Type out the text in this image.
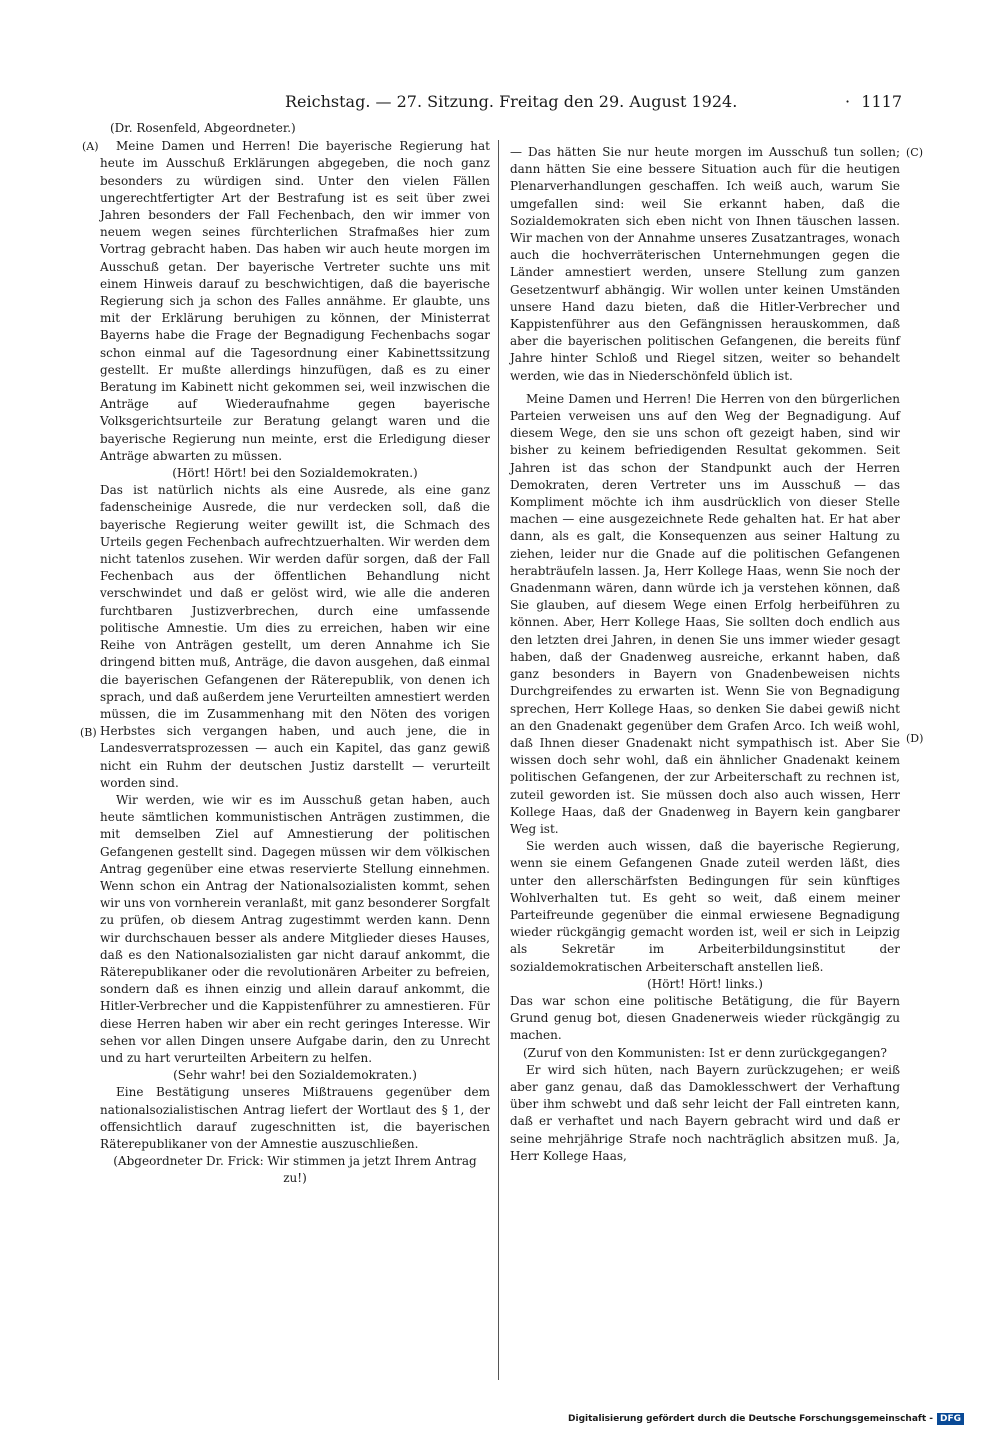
Reichstag. — 27. Sitzung. Freitag den 29. August 1924.	· 1117
(A)
(B)
(C)
(D)

(Dr. Rosenfeld, Abgeordneter.)

Meine Damen und Herren! Die bayerische Regierung hat heute im Ausschuß Erklärungen abgegeben, die noch ganz besonders zu würdigen sind. Unter den vielen Fällen ungerechtfertigter Art der Bestrafung ist es seit über zwei Jahren besonders der Fall Fechenbach, den wir immer von neuem wegen seines fürchterlichen Strafmaßes hier zum Vortrag gebracht haben. Das haben wir auch heute morgen im Ausschuß getan. Der bayerische Vertreter suchte uns mit einem Hinweis darauf zu beschwichtigen, daß die bayerische Regierung sich ja schon des Falles annähme. Er glaubte, uns mit der Erklärung beruhigen zu können, der Ministerrat Bayerns habe die Frage der Begnadigung Fechenbachs sogar schon einmal auf die Tagesordnung einer Kabinettssitzung gestellt. Er mußte allerdings hinzufügen, daß es zu einer Beratung im Kabinett nicht gekommen sei, weil inzwischen die Anträge auf Wiederaufnahme gegen bayerische Volksgerichtsurteile zur Beratung gelangt waren und die bayerische Regierung nun meinte, erst die Erledigung dieser Anträge abwarten zu müssen.

(Hört! Hört! bei den Sozialdemokraten.)

Das ist natürlich nichts als eine Ausrede, als eine ganz fadenscheinige Ausrede, die nur verdecken soll, daß die bayerische Regierung weiter gewillt ist, die Schmach des Urteils gegen Fechenbach aufrechtzuerhalten. Wir werden dem nicht tatenlos zusehen. Wir werden dafür sorgen, daß der Fall Fechenbach aus der öffentlichen Behandlung nicht verschwindet und daß er gelöst wird, wie alle die anderen furchtbaren Justizverbrechen, durch eine umfassende politische Amnestie. Um dies zu erreichen, haben wir eine Reihe von Anträgen gestellt, um deren Annahme ich Sie dringend bitten muß, Anträge, die davon ausgehen, daß einmal die bayerischen Gefangenen der Räterepublik, von denen ich sprach, und daß außerdem jene Verurteilten amnestiert werden müssen, die im Zusammenhang mit den Nöten des vorigen Herbstes sich vergangen haben, und auch jene, die in Landesverratsprozessen — auch ein Kapitel, das ganz gewiß nicht ein Ruhm der deutschen Justiz darstellt — verurteilt worden sind.

Wir werden, wie wir es im Ausschuß getan haben, auch heute sämtlichen kommunistischen Anträgen zustimmen, die mit demselben Ziel auf Amnestierung der politischen Gefangenen gestellt sind. Dagegen müssen wir dem völkischen Antrag gegenüber eine etwas reservierte Stellung einnehmen. Wenn schon ein Antrag der Nationalsozialisten kommt, sehen wir uns von vornherein veranlaßt, mit ganz besonderer Sorgfalt zu prüfen, ob diesem Antrag zugestimmt werden kann. Denn wir durchschauen besser als andere Mitglieder dieses Hauses, daß es den Nationalsozialisten gar nicht darauf ankommt, die Räterepublikaner oder die revolutionären Arbeiter zu befreien, sondern daß es ihnen einzig und allein darauf ankommt, die Hitler-Verbrecher und die Kappistenführer zu amnestieren. Für diese Herren haben wir aber ein recht geringes Interesse. Wir sehen vor allen Dingen unsere Aufgabe darin, den zu Unrecht und zu hart verurteilten Arbeitern zu helfen.

(Sehr wahr! bei den Sozialdemokraten.)

Eine Bestätigung unseres Mißtrauens gegenüber dem nationalsozialistischen Antrag liefert der Wortlaut des § 1, der offensichtlich darauf zugeschnitten ist, die bayerischen Räterepublikaner von der Amnestie auszuschließen.

(Abgeordneter Dr. Frick: Wir stimmen ja jetzt Ihrem Antrag zu!)

— Das hätten Sie nur heute morgen im Ausschuß tun sollen; dann hätten Sie eine bessere Situation auch für die heutigen Plenarverhandlungen geschaffen. Ich weiß auch, warum Sie umgefallen sind: weil Sie erkannt haben, daß die Sozialdemokraten sich eben nicht von Ihnen täuschen lassen. Wir machen von der Annahme unseres Zusatzantrages, wonach auch die hochverräterischen Unternehmungen gegen die Länder amnestiert werden, unsere Stellung zum ganzen Gesetzentwurf abhängig. Wir wollen unter keinen Umständen unsere Hand dazu bieten, daß die Hitler-Verbrecher und Kappistenführer aus den Gefängnissen herauskommen, daß aber die bayerischen politischen Gefangenen, die bereits fünf Jahre hinter Schloß und Riegel sitzen, weiter so behandelt werden, wie das in Niederschönfeld üblich ist.

Meine Damen und Herren! Die Herren von den bürgerlichen Parteien verweisen uns auf den Weg der Begnadigung. Auf diesem Wege, den sie uns schon oft gezeigt haben, sind wir bisher zu keinem befriedigenden Resultat gekommen. Seit Jahren ist das schon der Standpunkt auch der Herren Demokraten, deren Vertreter uns im Ausschuß — das Kompliment möchte ich ihm ausdrücklich von dieser Stelle machen — eine ausgezeichnete Rede gehalten hat. Er hat aber dann, als es galt, die Konsequenzen aus seiner Haltung zu ziehen, leider nur die Gnade auf die politischen Gefangenen herabträufeln lassen. Ja, Herr Kollege Haas, wenn Sie noch der Gnadenmann wären, dann würde ich ja verstehen können, daß Sie glauben, auf diesem Wege einen Erfolg herbeiführen zu können. Aber, Herr Kollege Haas, Sie sollten doch endlich aus den letzten drei Jahren, in denen Sie uns immer wieder gesagt haben, daß der Gnadenweg ausreiche, erkannt haben, daß ganz besonders in Bayern von Gnadenbeweisen nichts Durchgreifendes zu erwarten ist. Wenn Sie von Begnadigung sprechen, Herr Kollege Haas, so denken Sie dabei gewiß nicht an den Gnadenakt gegenüber dem Grafen Arco. Ich weiß wohl, daß Ihnen dieser Gnadenakt nicht sympathisch ist. Aber Sie wissen doch sehr wohl, daß ein ähnlicher Gnadenakt keinem politischen Gefangenen, der zur Arbeiterschaft zu rechnen ist, zuteil geworden ist. Sie müssen doch also auch wissen, Herr Kollege Haas, daß der Gnadenweg in Bayern kein gangbarer Weg ist.

Sie werden auch wissen, daß die bayerische Regierung, wenn sie einem Gefangenen Gnade zuteil werden läßt, dies unter den allerschärfsten Bedingungen für sein künftiges Wohlverhalten tut. Es geht so weit, daß einem meiner Parteifreunde gegenüber die einmal erwiesene Begnadigung wieder rückgängig gemacht worden ist, weil er sich in Leipzig als Sekretär im Arbeiterbildungsinstitut der sozialdemokratischen Arbeiterschaft anstellen ließ.

(Hört! Hört! links.)

Das war schon eine politische Betätigung, die für Bayern Grund genug bot, diesen Gnadenerweis wieder rückgängig zu machen.

(Zuruf von den Kommunisten: Ist er denn zurückgegangen?

Er wird sich hüten, nach Bayern zurückzugehen; er weiß aber ganz genau, daß das Damoklesschwert der Verhaftung über ihm schwebt und daß sehr leicht der Fall eintreten kann, daß er verhaftet und nach Bayern gebracht wird und daß er seine mehrjährige Strafe noch nachträglich absitzen muß. Ja, Herr Kollege Haas,

Digitalisierung gefördert durch die Deutsche Forschungsgemeinschaft - DFG
